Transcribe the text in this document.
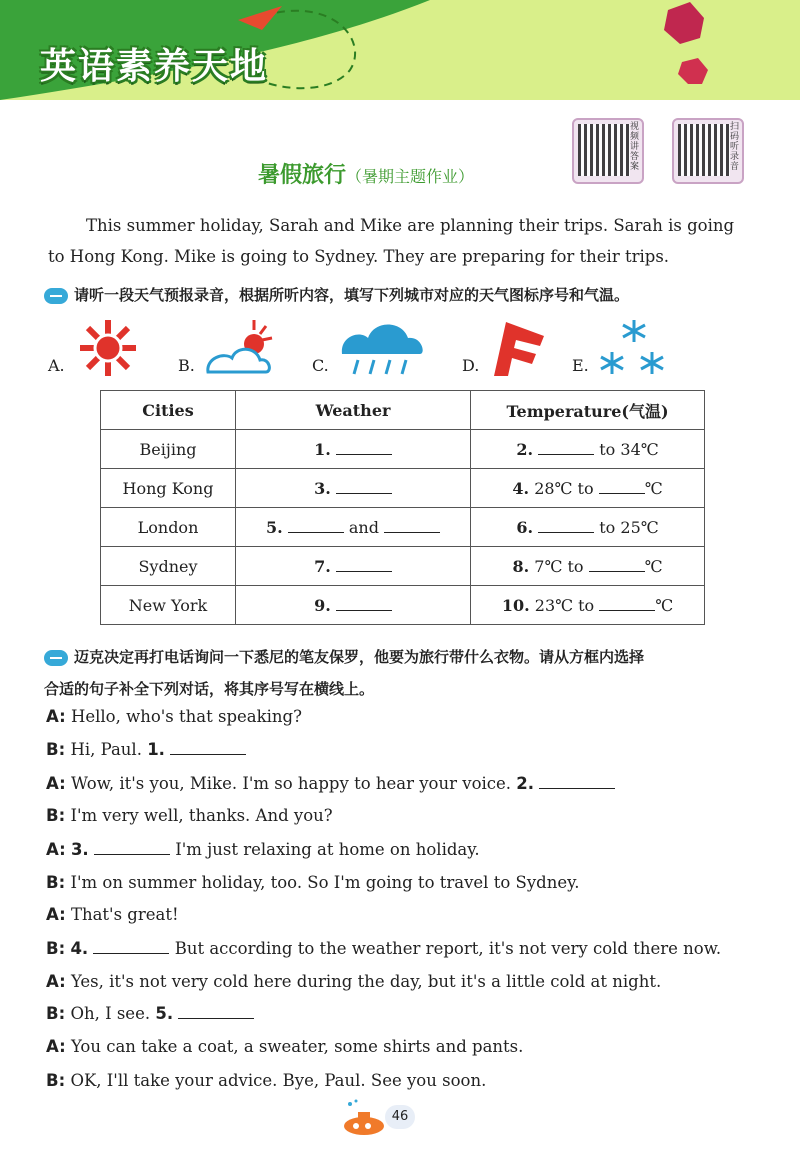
英语素养天地
视频讲答案
扫码听录音
暑假旅行（暑期主题作业）
This summer holiday, Sarah and Mike are planning their trips. Sarah is going
to Hong Kong. Mike is going to Sydney. They are preparing for their trips.
请听一段天气预报录音，根据所听内容，填写下列城市对应的天气图标序号和气温。
A.	B.	C.	D.	E.
Cities	Weather	Temperature(气温)
Beijing	1.	2. to 34℃
Hong Kong	3.	4. 28℃ to ℃
London	5. and	6. to 25℃
Sydney	7.	8. 7℃ to ℃
New York	9.	10. 23℃ to ℃
迈克决定再打电话询问一下悉尼的笔友保罗，他要为旅行带什么衣物。请从方框内选择
合适的句子补全下列对话，将其序号写在横线上。
A: Hello, who's that speaking?
B: Hi, Paul. 1.
A: Wow, it's you, Mike. I'm so happy to hear your voice. 2.
B: I'm very well, thanks. And you?
A: 3.	I'm just relaxing at home on holiday.
B: I'm on summer holiday, too. So I'm going to travel to Sydney.
A: That's great!
B: 4.	But according to the weather report, it's not very cold there now.
A: Yes, it's not very cold here during the day, but it's a little cold at night.
B: Oh, I see. 5.
A: You can take a coat, a sweater, some shirts and pants.
B: OK, I'll take your advice. Bye, Paul. See you soon.
46
